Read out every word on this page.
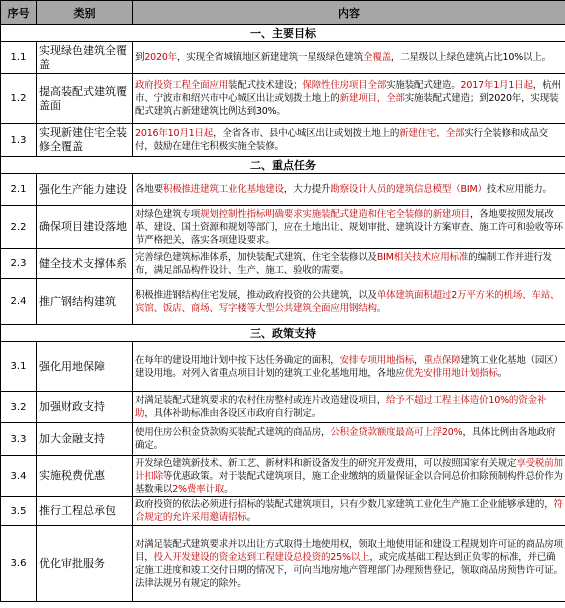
序号	类别	内容
一、主要目标		
1.1	实现绿色建筑全覆盖	到2020年，实现全省城镇地区新建建筑一星级绿色建筑全覆盖，二星级以上绿色建筑占比10%以上。
1.2	提高装配式建筑覆盖面	政府投资工程全面应用装配式技术建设；保障性住房项目全部实施装配式建造。2017年1月1日起，杭州市、宁波市和绍兴市中心城区出让或划拨土地上的新建项目，全部实施装配式建造；到2020年，实现装配式建筑占新建建筑比例达到30%。
1.3	实现新建住宅全装修全覆盖	2016年10月1日起，全省各市、县中心城区出让或划拨土地上的新建住宅，全部实行全装修和成品交付，鼓励在建住宅积极实施全装修。
二、重点任务		
2.1	强化生产能力建设	各地要积极推进建筑工业化基地建设，大力提升勘察设计人员的建筑信息模型（BIM）技术应用能力。
2.2	确保项目建设落地	对绿色建筑专项规划控制性指标明确要求实施装配式建造和住宅全装修的新建项目，各地要按照发展改革、建设、国土资源和规划等部门，应在土地出让、规划审批、建筑设计方案审查、施工许可和验收等环节严格把关，落实各项建设要求。
2.3	健全技术支撑体系	完善绿色建筑标准体系，加快装配式建筑、住宅全装修以及BIM相关技术应用标准的编制工作并进行发布，满足部品构件设计、生产、施工、验收的需要。
2.4	推广钢结构建筑	积极推进钢结构住宅发展，推动政府投资的公共建筑，以及单体建筑面积超过2万平方米的机场、车站、宾馆、饭店、商场、写字楼等大型公共建筑全面应用钢结构。
三、政策支持		
3.1	强化用地保障	在每年的建设用地计划中按下达任务确定的面积，安排专项用地指标，重点保障建筑工业化基地（园区）建设用地。对列入省重点项目计划的建筑工业化基地用地，各地应优先安排用地计划指标。
3.2	加强财政支持	对满足装配式建筑要求的农村住房整村或连片改造建设项目，给予不超过工程主体造价10%的资金补助，具体补助标准由各设区市政府自行制定。
3.3	加大金融支持	使用住房公积金贷款购买装配式建筑的商品房，公积金贷款额度最高可上浮20%，具体比例由各地政府确定。
3.4	实施税费优惠	开发绿色建筑新技术、新工艺、新材料和新设备发生的研究开发费用，可以按照国家有关规定享受税前加计扣除等优惠政策。对于装配式建筑项目，施工企业缴纳的质量保证金以合同总价扣除预制构件总价作为基数乘以2%费率计取。
3.5	推行工程总承包	政府投资的依法必须进行招标的装配式建筑项目，只有少数几家建筑工业化生产施工企业能够承建的，符合规定的允许采用邀请招标。
3.6	优化审批服务	对满足装配式建筑要求并以出让方式取得土地使用权，领取土地使用证和建设工程规划许可证的商品房项目，投入开发建设的资金达到工程建设总投资的25%以上，或完成基础工程达到正负零的标准，并已确定施工进度和竣工交付日期的情况下，可向当地房地产管理部门办理预售登记，领取商品房预售许可证。法律法规另有规定的除外。
